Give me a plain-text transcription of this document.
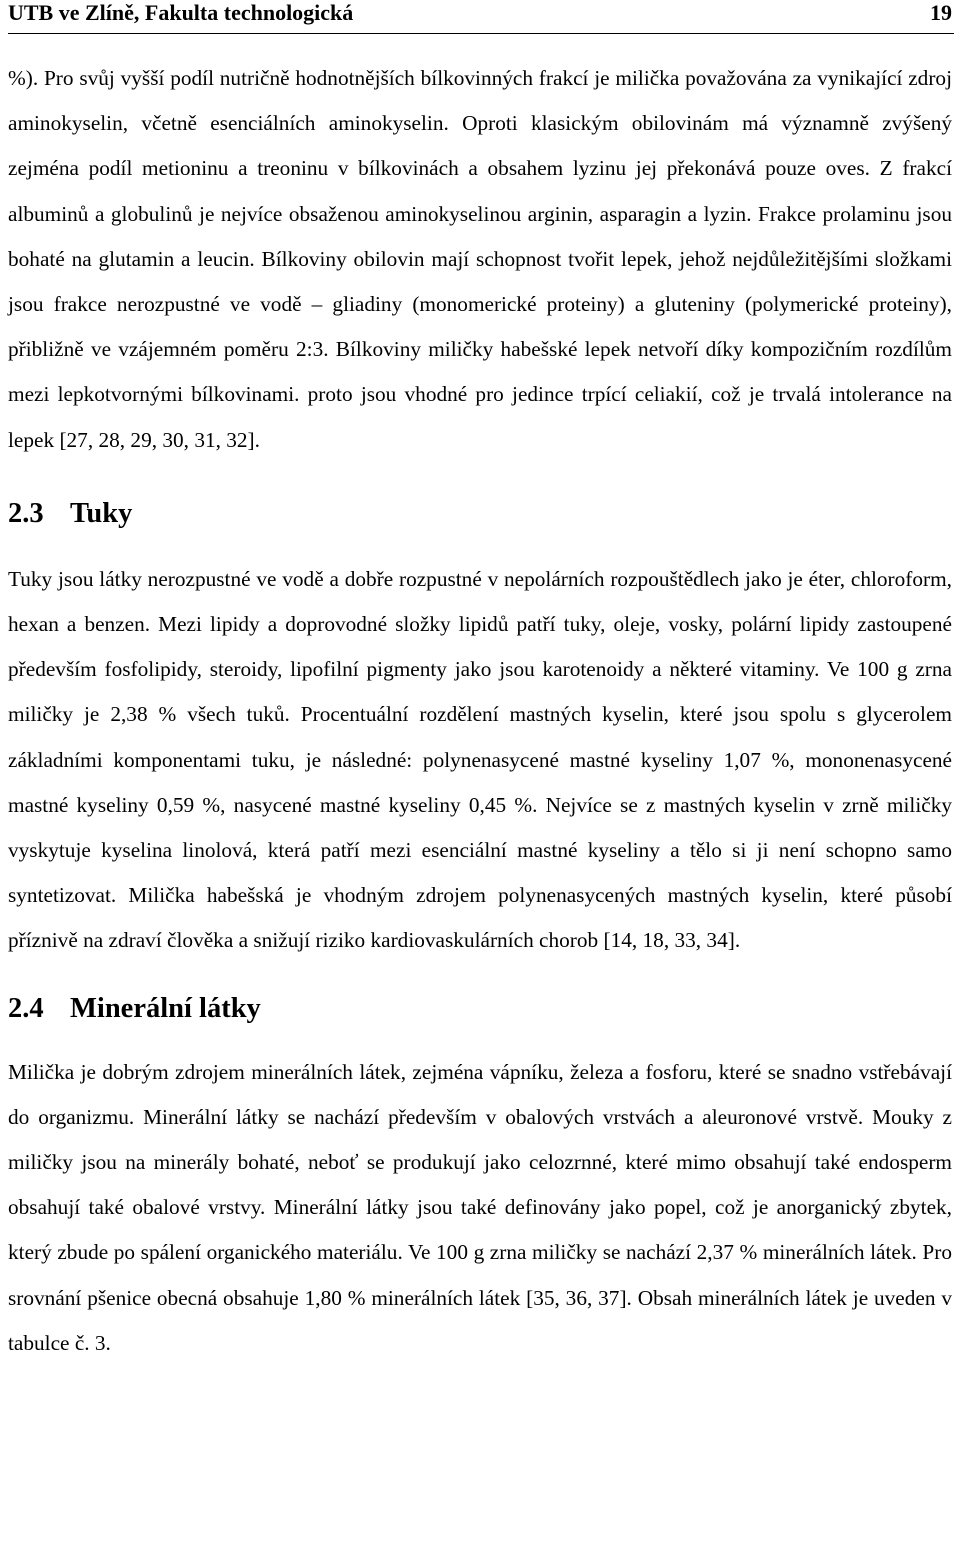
UTB ve Zlíně, Fakulta technologická	19

%). Pro svůj vyšší podíl nutričně hodnotnějších bílkovinných frakcí je milička považována za vynikající zdroj aminokyselin, včetně esenciálních aminokyselin. Oproti klasickým obilovinám má významně zvýšený zejména podíl metioninu a treoninu v bílkovinách a obsahem lyzinu jej překonává pouze oves. Z frakcí albuminů a globulinů je nejvíce obsaženou aminokyselinou arginin, asparagin a lyzin. Frakce prolaminu jsou bohaté na glutamin a leucin. Bílkoviny obilovin mají schopnost tvořit lepek, jehož nejdůležitějšími složkami jsou frakce nerozpustné ve vodě – gliadiny (monomerické proteiny) a gluteniny (polymerické proteiny), přibližně ve vzájemném poměru 2:3. Bílkoviny miličky habešské lepek netvoří díky kompozičním rozdílům mezi lepkotvornými bílkovinami. proto jsou vhodné pro jedince trpící celiakií, což je trvalá intolerance na lepek [27, 28, 29, 30, 31, 32].

2.3 Tuky

Tuky jsou látky nerozpustné ve vodě a dobře rozpustné v nepolárních rozpouštědlech jako je éter, chloroform, hexan a benzen. Mezi lipidy a doprovodné složky lipidů patří tuky, oleje, vosky, polární lipidy zastoupené především fosfolipidy, steroidy, lipofilní pigmenty jako jsou karotenoidy a některé vitaminy. Ve 100 g zrna miličky je 2,38 % všech tuků. Procentuální rozdělení mastných kyselin, které jsou spolu s glycerolem základními komponentami tuku, je následné: polynenasycené mastné kyseliny 1,07 %, mononenasycené mastné kyseliny 0,59 %, nasycené mastné kyseliny 0,45 %. Nejvíce se z mastných kyselin v zrně miličky vyskytuje kyselina linolová, která patří mezi esenciální mastné kyseliny a tělo si ji není schopno samo syntetizovat. Milička habešská je vhodným zdrojem polynenasycených mastných kyselin, které působí příznivě na zdraví člověka a snižují riziko kardiovaskulárních chorob [14, 18, 33, 34].

2.4 Minerální látky

Milička je dobrým zdrojem minerálních látek, zejména vápníku, železa a fosforu, které se snadno vstřebávají do organizmu. Minerální látky se nachází především v obalových vrstvách a aleuronové vrstvě. Mouky z miličky jsou na minerály bohaté, neboť se produkují jako celozrnné, které mimo obsahují také endosperm obsahují také obalové vrstvy. Minerální látky jsou také definovány jako popel, což je anorganický zbytek, který zbude po spálení organického materiálu. Ve 100 g zrna miličky se nachází 2,37 % minerálních látek. Pro srovnání pšenice obecná obsahuje 1,80 % minerálních látek [35, 36, 37]. Obsah minerálních látek je uveden v tabulce č. 3.
